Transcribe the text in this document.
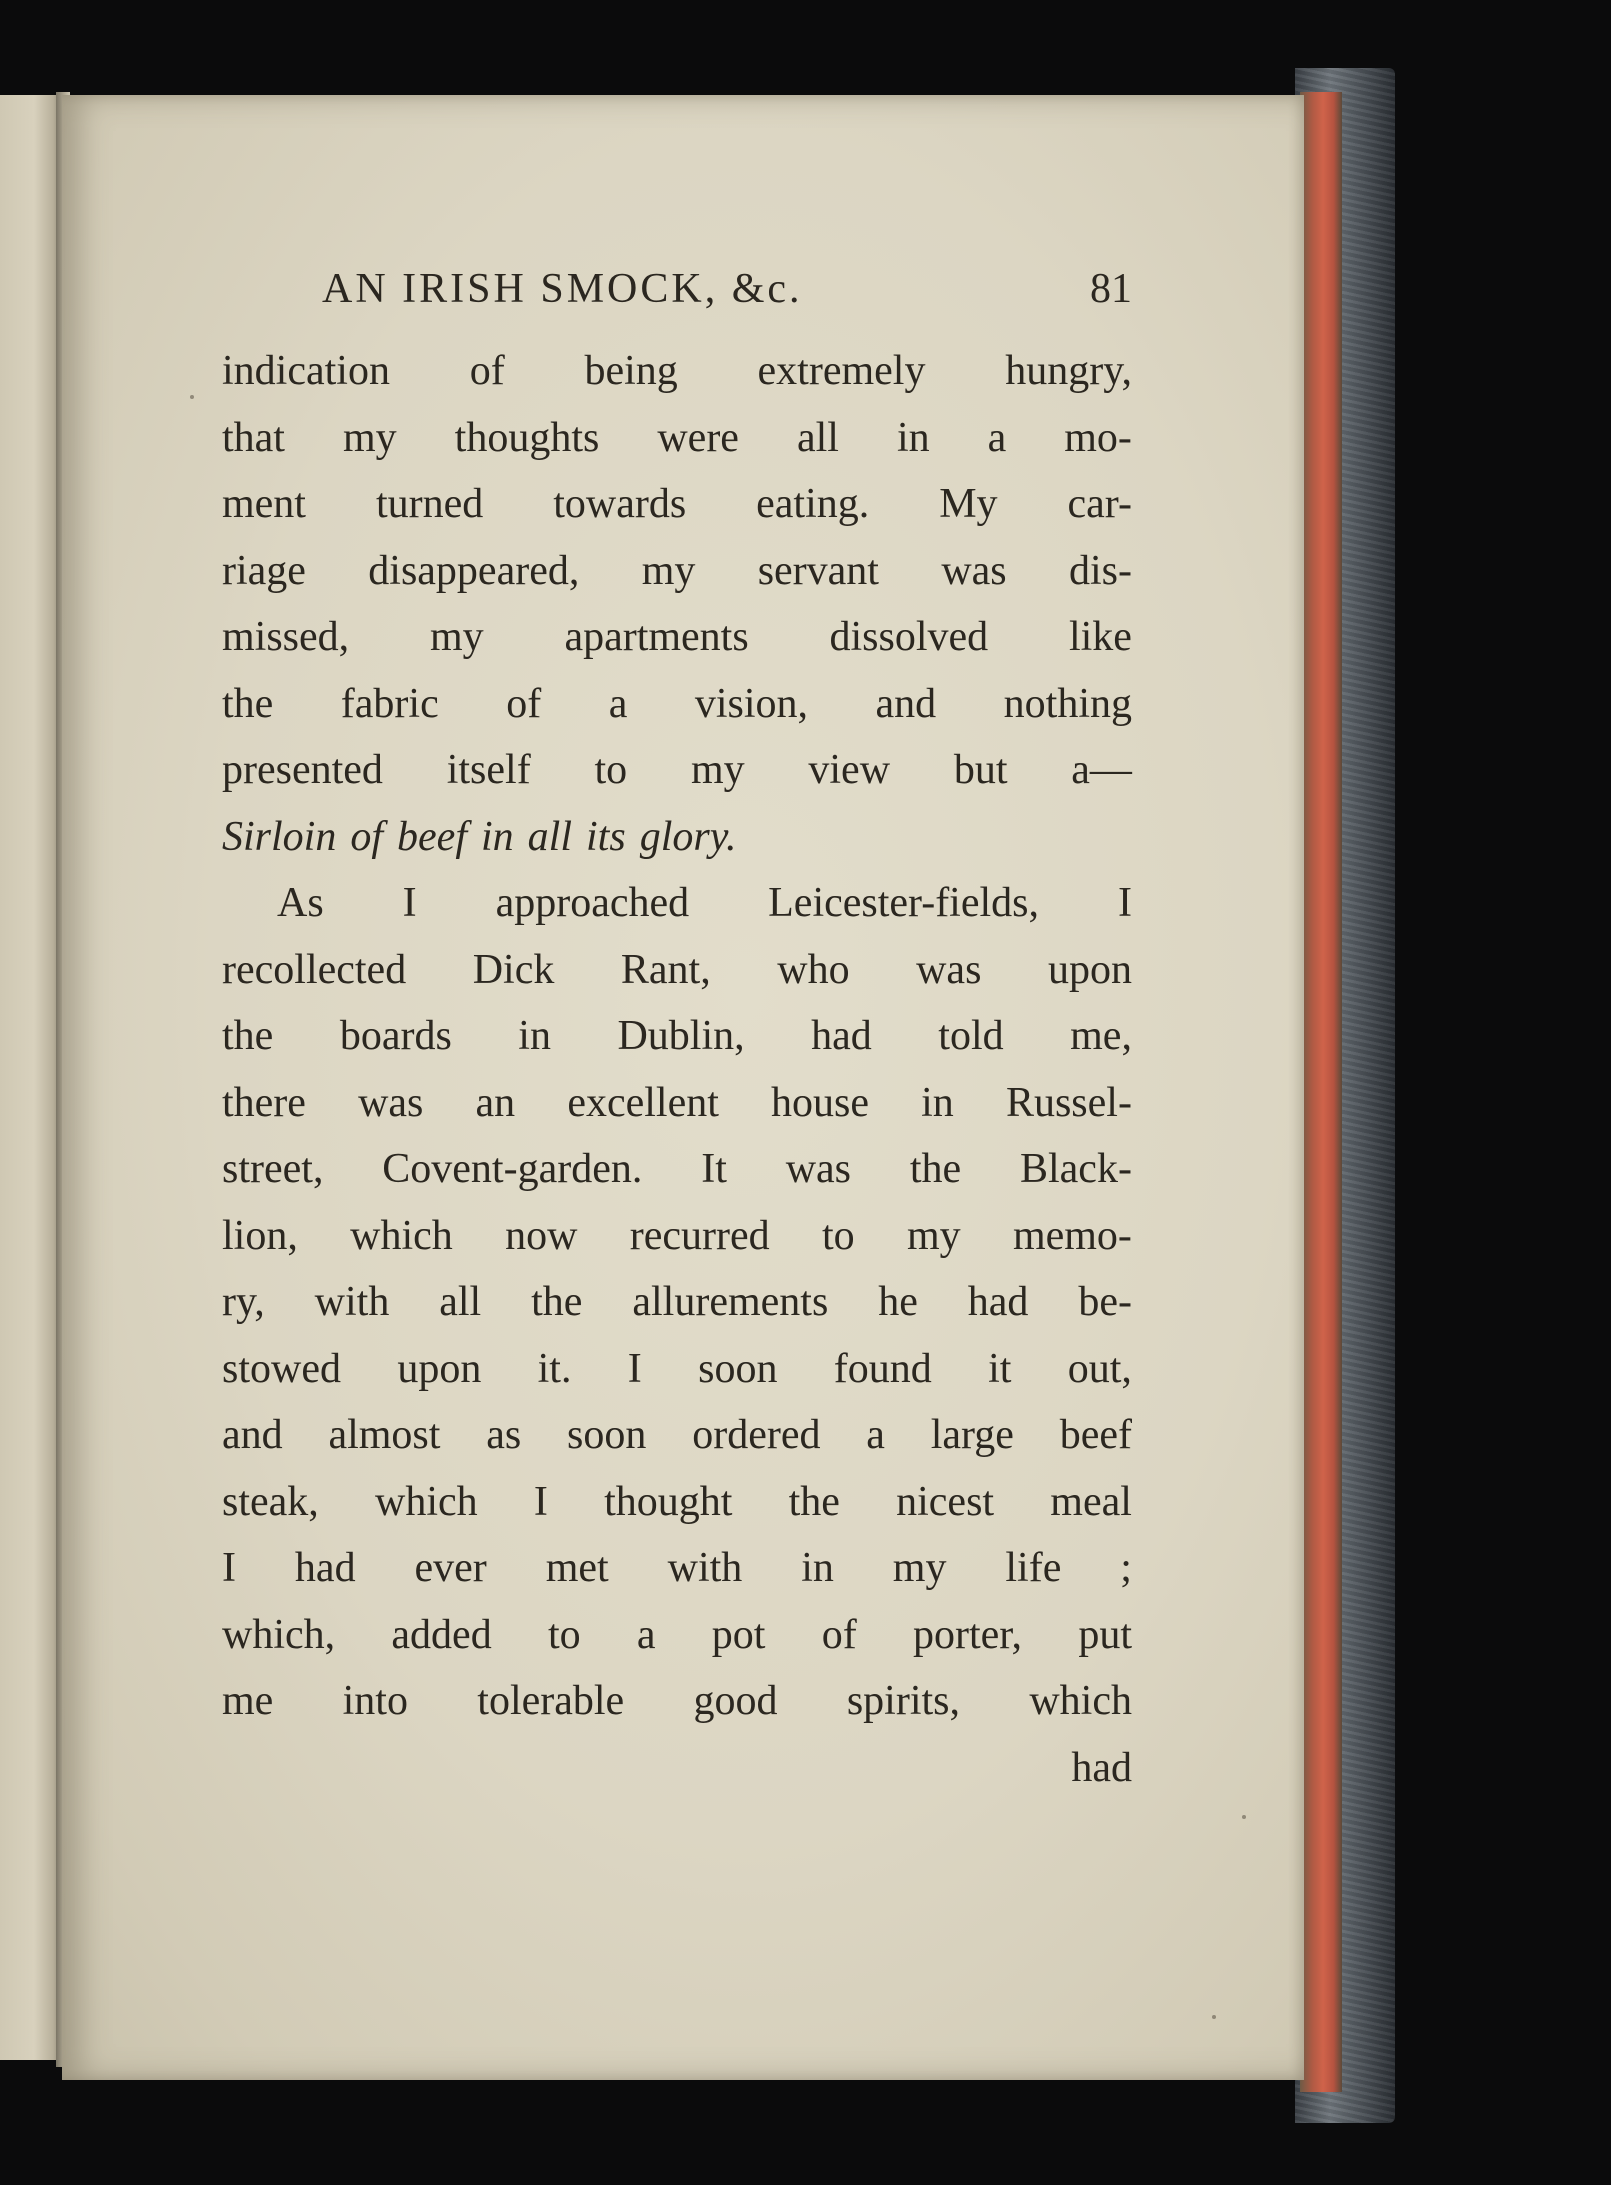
AN IRISH SMOCK, &c.	81
indication of being extremely hungry,
that my thoughts were all in a mo-
ment turned towards eating. My car-
riage disappeared, my servant was dis-
missed, my apartments dissolved like
the fabric of a vision, and nothing
presented itself to my view but a—
Sirloin of beef in all its glory.
As I approached Leicester-fields, I
recollected Dick Rant, who was upon
the boards in Dublin, had told me,
there was an excellent house in Russel-
street, Covent-garden. It was the Black-
lion, which now recurred to my memo-
ry, with all the allurements he had be-
stowed upon it. I soon found it out,
and almost as soon ordered a large beef
steak, which I thought the nicest meal
I had ever met with in my life ;
which, added to a pot of porter, put
me into tolerable good spirits, which
had
